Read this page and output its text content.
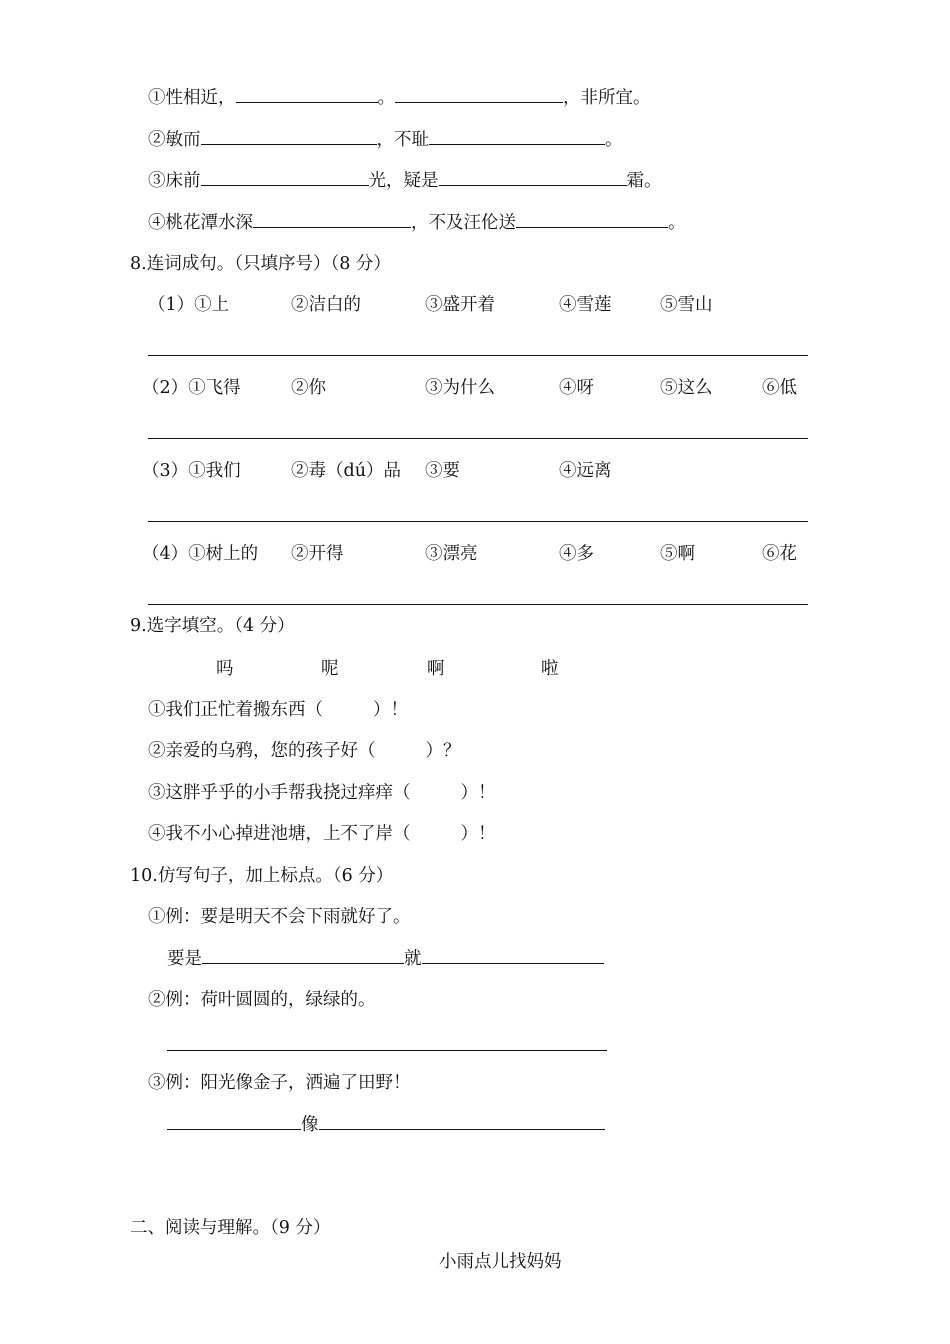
①性相近，	。	，非所宜。
②敏而	，不耻	。
③床前	光，疑是	霜。
④桃花潭水深	，不及汪伦送	。
8.连词成句。（只填序号）（8 分）
（1）①上	②洁白的	③盛开着	④雪莲	⑤雪山
（2）①飞得	②你	③为什么	④呀	⑤这么	⑥低
（3）①我们	②毒（dú）品 ③要	④远离
（4）①树上的 ②开得	③漂亮	④多	⑤啊	⑥花
9.选字填空。（4 分）
吗	呢	啊	啦
①我们正忙着搬东西（	）！
②亲爱的乌鸦，您的孩子好（	）？
③这胖乎乎的小手帮我挠过痒痒（	）！
④我不小心掉进池塘，上不了岸（	）！
10.仿写句子，加上标点。（6 分）
①例：要是明天不会下雨就好了。
要是	就
②例：荷叶圆圆的，绿绿的。
③例：阳光像金子，洒遍了田野！
像
二、阅读与理解。（9 分）
小雨点儿找妈妈
